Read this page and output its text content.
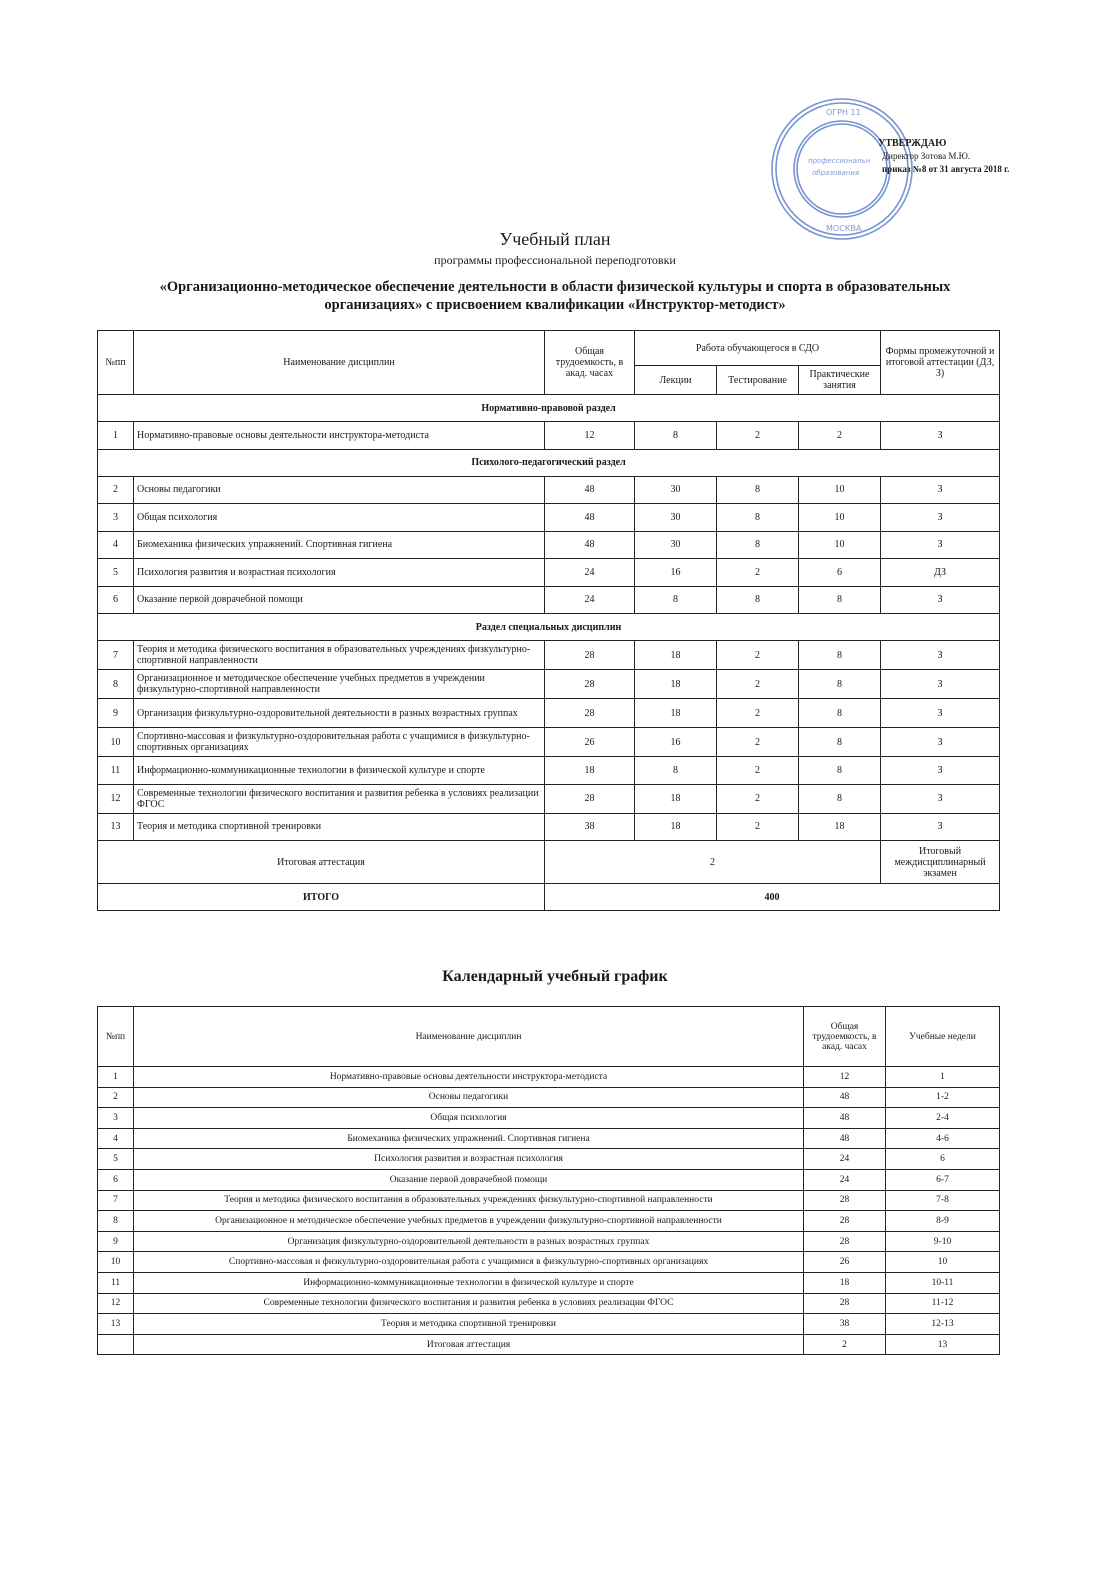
ОГРН 11
МОСКВА
профессиональн
образования
УТВЕРЖДАЮ
Директор Зотова М.Ю.
приказ №8 от 31 августа 2018 г.
Учебный план
программы профессиональной переподготовки
«Организационно-методическое обеспечение деятельности в области физической культуры и спорта в образовательных организациях» с присвоением квалификации «Инструктор-методист»
№пп	Наименование дисциплин	Общая трудоемкость, в акад. часах	Работа обучающегося в СДО			Формы промежуточной и итоговой аттестации (ДЗ, З)
			Лекции	Тестирование	Практические занятия	
Нормативно-правовой раздел						
1	Нормативно-правовые основы деятельности инструктора-методиста	12	8	2	2	З
Психолого-педагогический раздел						
2	Основы педагогики	48	30	8	10	З
3	Общая психология	48	30	8	10	З
4	Биомеханика физических упражнений. Спортивная гигиена	48	30	8	10	З
5	Психология развития и возрастная психология	24	16	2	6	ДЗ
6	Оказание первой доврачебной помощи	24	8	8	8	З
Раздел специальных дисциплин						
7	Теория и методика физического воспитания в образовательных учреждениях физкультурно-спортивной направленности	28	18	2	8	З
8	Организационное и методическое обеспечение учебных предметов в учреждении физкультурно-спортивной направленности	28	18	2	8	З
9	Организация физкультурно-оздоровительной деятельности в разных возрастных группах	28	18	2	8	З
10	Спортивно-массовая и физкультурно-оздоровительная работа с учащимися в физкультурно-спортивных организациях	26	16	2	8	З
11	Информационно-коммуникационные технологии в физической культуре и спорте	18	8	2	8	З
12	Современные технологии физического воспитания и развития ребенка в условиях реализации ФГОС	28	18	2	8	З
13	Теория и методика спортивной тренировки	38	18	2	18	З
Итоговая аттестация		2				Итоговый междисциплинарный экзамен
ИТОГО		400				
Календарный учебный график
№пп	Наименование дисциплин	Общая трудоемкость, в акад. часах	Учебные недели
1	Нормативно-правовые основы деятельности инструктора-методиста	12	1
2	Основы педагогики	48	1-2
3	Общая психология	48	2-4
4	Биомеханика физических упражнений. Спортивная гигиена	48	4-6
5	Психология развития и возрастная психология	24	6
6	Оказание первой доврачебной помощи	24	6-7
7	Теория и методика физического воспитания в образовательных учреждениях физкультурно-спортивной направленности	28	7-8
8	Организационное и методическое обеспечение учебных предметов в учреждении физкультурно-спортивной направленности	28	8-9
9	Организация физкультурно-оздоровительной деятельности в разных возрастных группах	28	9-10
10	Спортивно-массовая и физкультурно-оздоровительная работа с учащимися в физкультурно-спортивных организациях	26	10
11	Информационно-коммуникационные технологии в физической культуре и спорте	18	10-11
12	Современные технологии физического воспитания и развития ребенка в условиях реализации ФГОС	28	11-12
13	Теория и методика спортивной тренировки	38	12-13
	Итоговая аттестация	2	13
